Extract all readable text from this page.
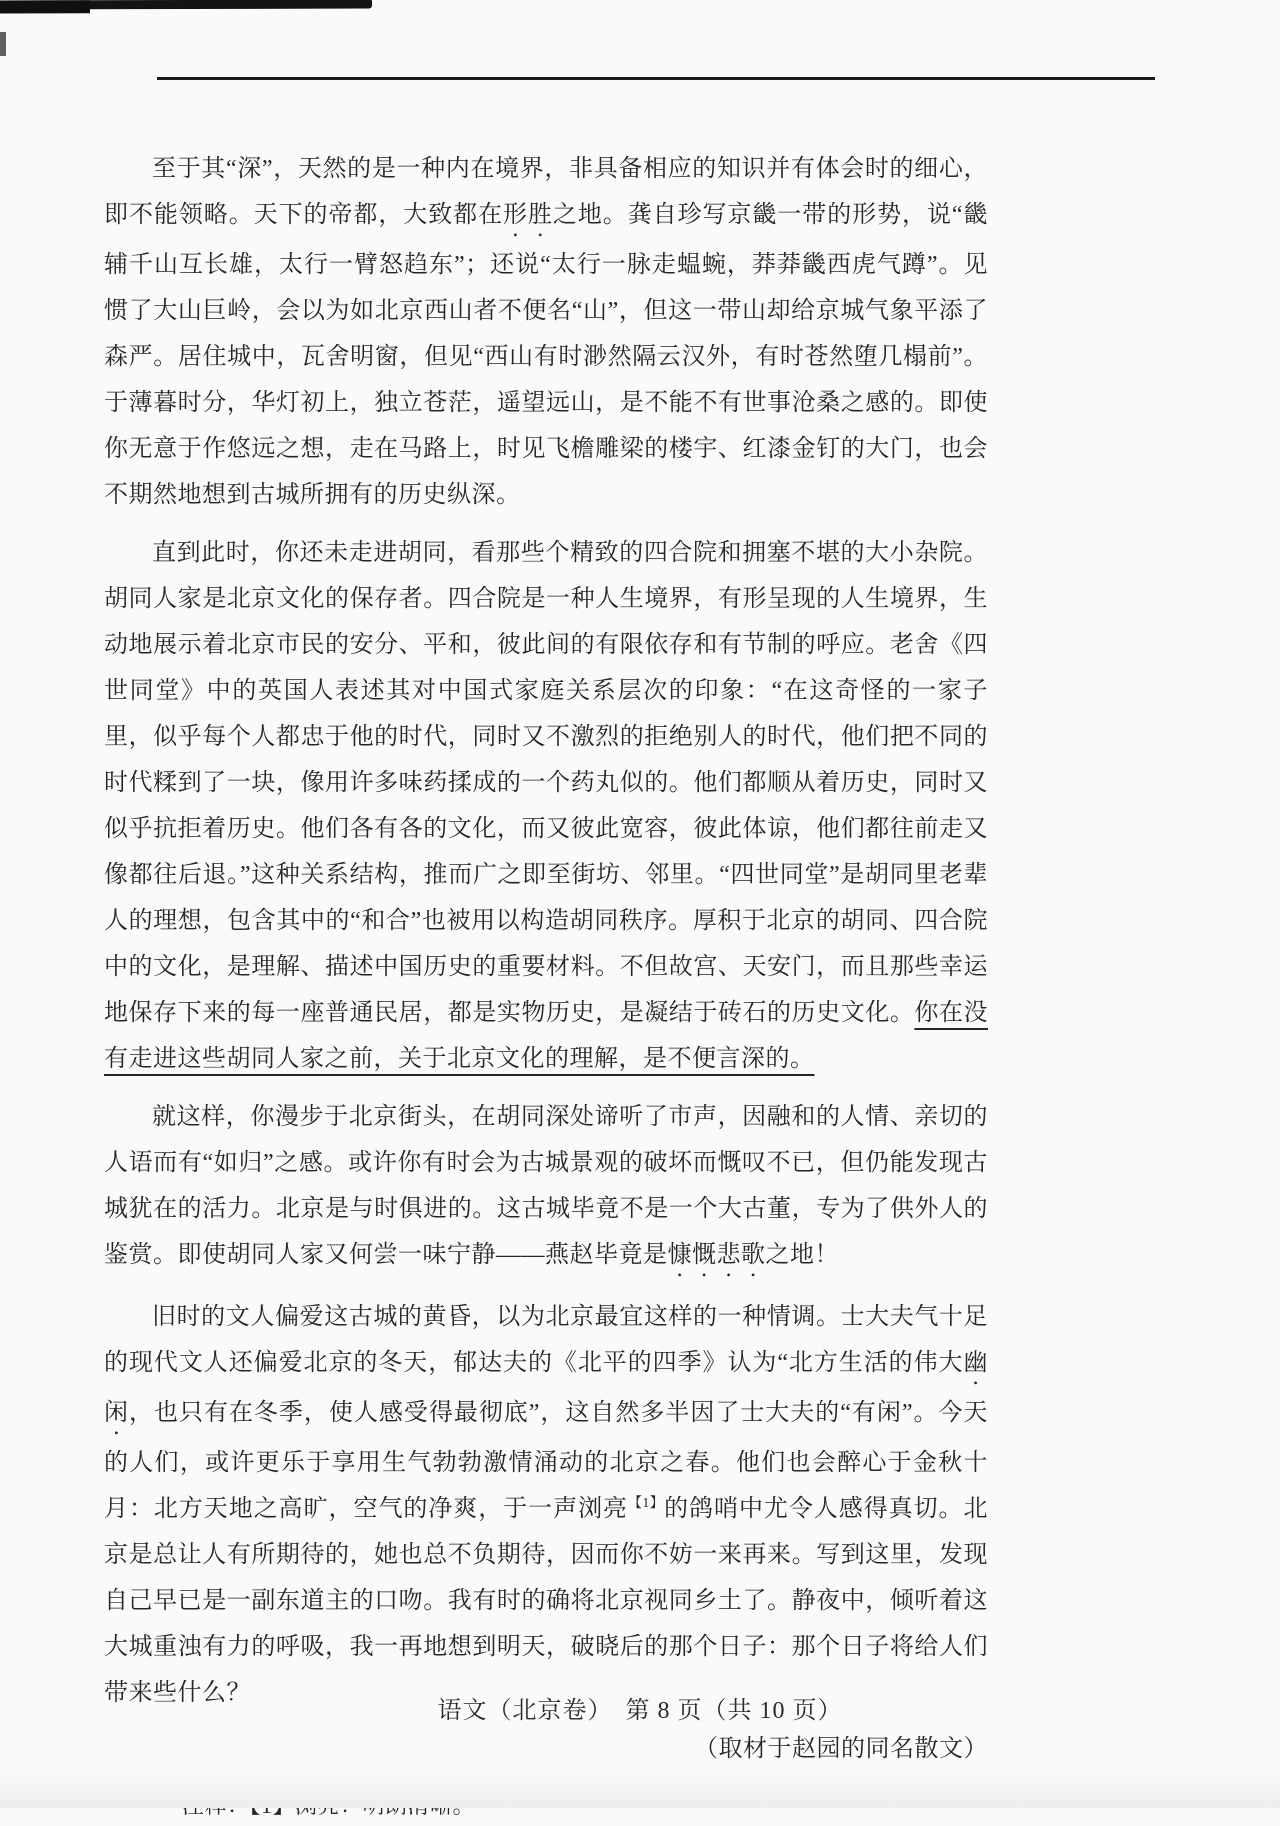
至于其“深”，天然的是一种内在境界，非具备相应的知识并有体会时的细心，即不能领略。天下的帝都，大致都在形胜之地。龚自珍写京畿一带的形势，说“畿辅千山互长雄，太行一臂怒趋东”；还说“太行一脉走蝹蜿，莽莽畿西虎气蹲”。见惯了大山巨岭，会以为如北京西山者不便名“山”，但这一带山却给京城气象平添了森严。居住城中，瓦舍明窗，但见“西山有时渺然隔云汉外，有时苍然堕几榻前”。于薄暮时分，华灯初上，独立苍茫，遥望远山，是不能不有世事沧桑之感的。即使你无意于作悠远之想，走在马路上，时见飞檐雕梁的楼宇、红漆金钉的大门，也会不期然地想到古城所拥有的历史纵深。

直到此时，你还未走进胡同，看那些个精致的四合院和拥塞不堪的大小杂院。胡同人家是北京文化的保存者。四合院是一种人生境界，有形呈现的人生境界，生动地展示着北京市民的安分、平和，彼此间的有限依存和有节制的呼应。老舍《四世同堂》中的英国人表述其对中国式家庭关系层次的印象：“在这奇怪的一家子里，似乎每个人都忠于他的时代，同时又不激烈的拒绝别人的时代，他们把不同的时代糅到了一块，像用许多味药揉成的一个药丸似的。他们都顺从着历史，同时又似乎抗拒着历史。他们各有各的文化，而又彼此宽容，彼此体谅，他们都往前走又像都往后退。”这种关系结构，推而广之即至街坊、邻里。“四世同堂”是胡同里老辈人的理想，包含其中的“和合”也被用以构造胡同秩序。厚积于北京的胡同、四合院中的文化，是理解、描述中国历史的重要材料。不但故宫、天安门，而且那些幸运地保存下来的每一座普通民居，都是实物历史，是凝结于砖石的历史文化。你在没有走进这些胡同人家之前，关于北京文化的理解，是不便言深的。

就这样，你漫步于北京街头，在胡同深处谛听了市声，因融和的人情、亲切的人语而有“如归”之感。或许你有时会为古城景观的破坏而慨叹不已，但仍能发现古城犹在的活力。北京是与时俱进的。这古城毕竟不是一个大古董，专为了供外人的鉴赏。即使胡同人家又何尝一味宁静——燕赵毕竟是慷慨悲歌之地！

旧时的文人偏爱这古城的黄昏，以为北京最宜这样的一种情调。士大夫气十足的现代文人还偏爱北京的冬天，郁达夫的《北平的四季》认为“北方生活的伟大幽闲，也只有在冬季，使人感受得最彻底”，这自然多半因了士大夫的“有闲”。今天的人们，或许更乐于享用生气勃勃激情涌动的北京之春。他们也会醉心于金秋十月：北方天地之高旷，空气的净爽，于一声浏亮$^{【1】}$的鸽哨中尤令人感得真切。北京是总让人有所期待的，她也总不负期待，因而你不妨一来再来。写到这里，发现自己早已是一副东道主的口吻。我有时的确将北京视同乡土了。静夜中，倾听着这大城重浊有力的呼吸，我一再地想到明天，破晓后的那个日子：那个日子将给人们带来些什么？

（取材于赵园的同名散文）
语文（北京卷）　第 8 页（共 10 页）
